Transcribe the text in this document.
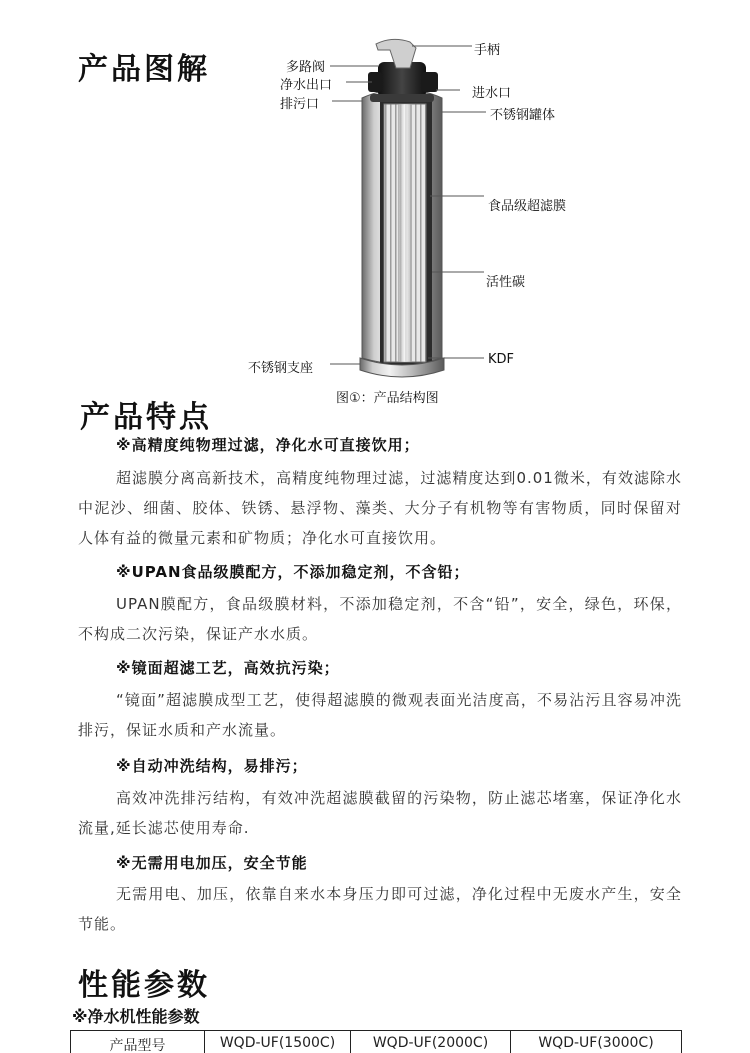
产品图解	多路阀
净水出口
排污口
手柄
进水口
不锈钢罐体
食品级超滤膜
活性碳
KDF
不锈钢支座
图①：产品结构图
产品特点
※高精度纯物理过滤，净化水可直接饮用；
超滤膜分离高新技术，高精度纯物理过滤，过滤精度达到0.01微米，有效滤除水中泥沙、细菌、胶体、铁锈、悬浮物、藻类、大分子有机物等有害物质，同时保留对人体有益的微量元素和矿物质；净化水可直接饮用。
※UPAN食品级膜配方，不添加稳定剂，不含铅；
UPAN膜配方，食品级膜材料，不添加稳定剂，不含“铅”，安全，绿色，环保，不构成二次污染，保证产水水质。
※镜面超滤工艺，高效抗污染；
“镜面”超滤膜成型工艺，使得超滤膜的微观表面光洁度高，不易沾污且容易冲洗排污，保证水质和产水流量。
※自动冲洗结构，易排污；
高效冲洗排污结构，有效冲洗超滤膜截留的污染物，防止滤芯堵塞，保证净化水流量,延长滤芯使用寿命.
※无需用电加压，安全节能
无需用电、加压，依靠自来水本身压力即可过滤，净化过程中无废水产生，安全节能。
性能参数
※净水机性能参数
产品型号	WQD-UF(1500C)	WQD-UF(2000C)	WQD-UF(3000C)
